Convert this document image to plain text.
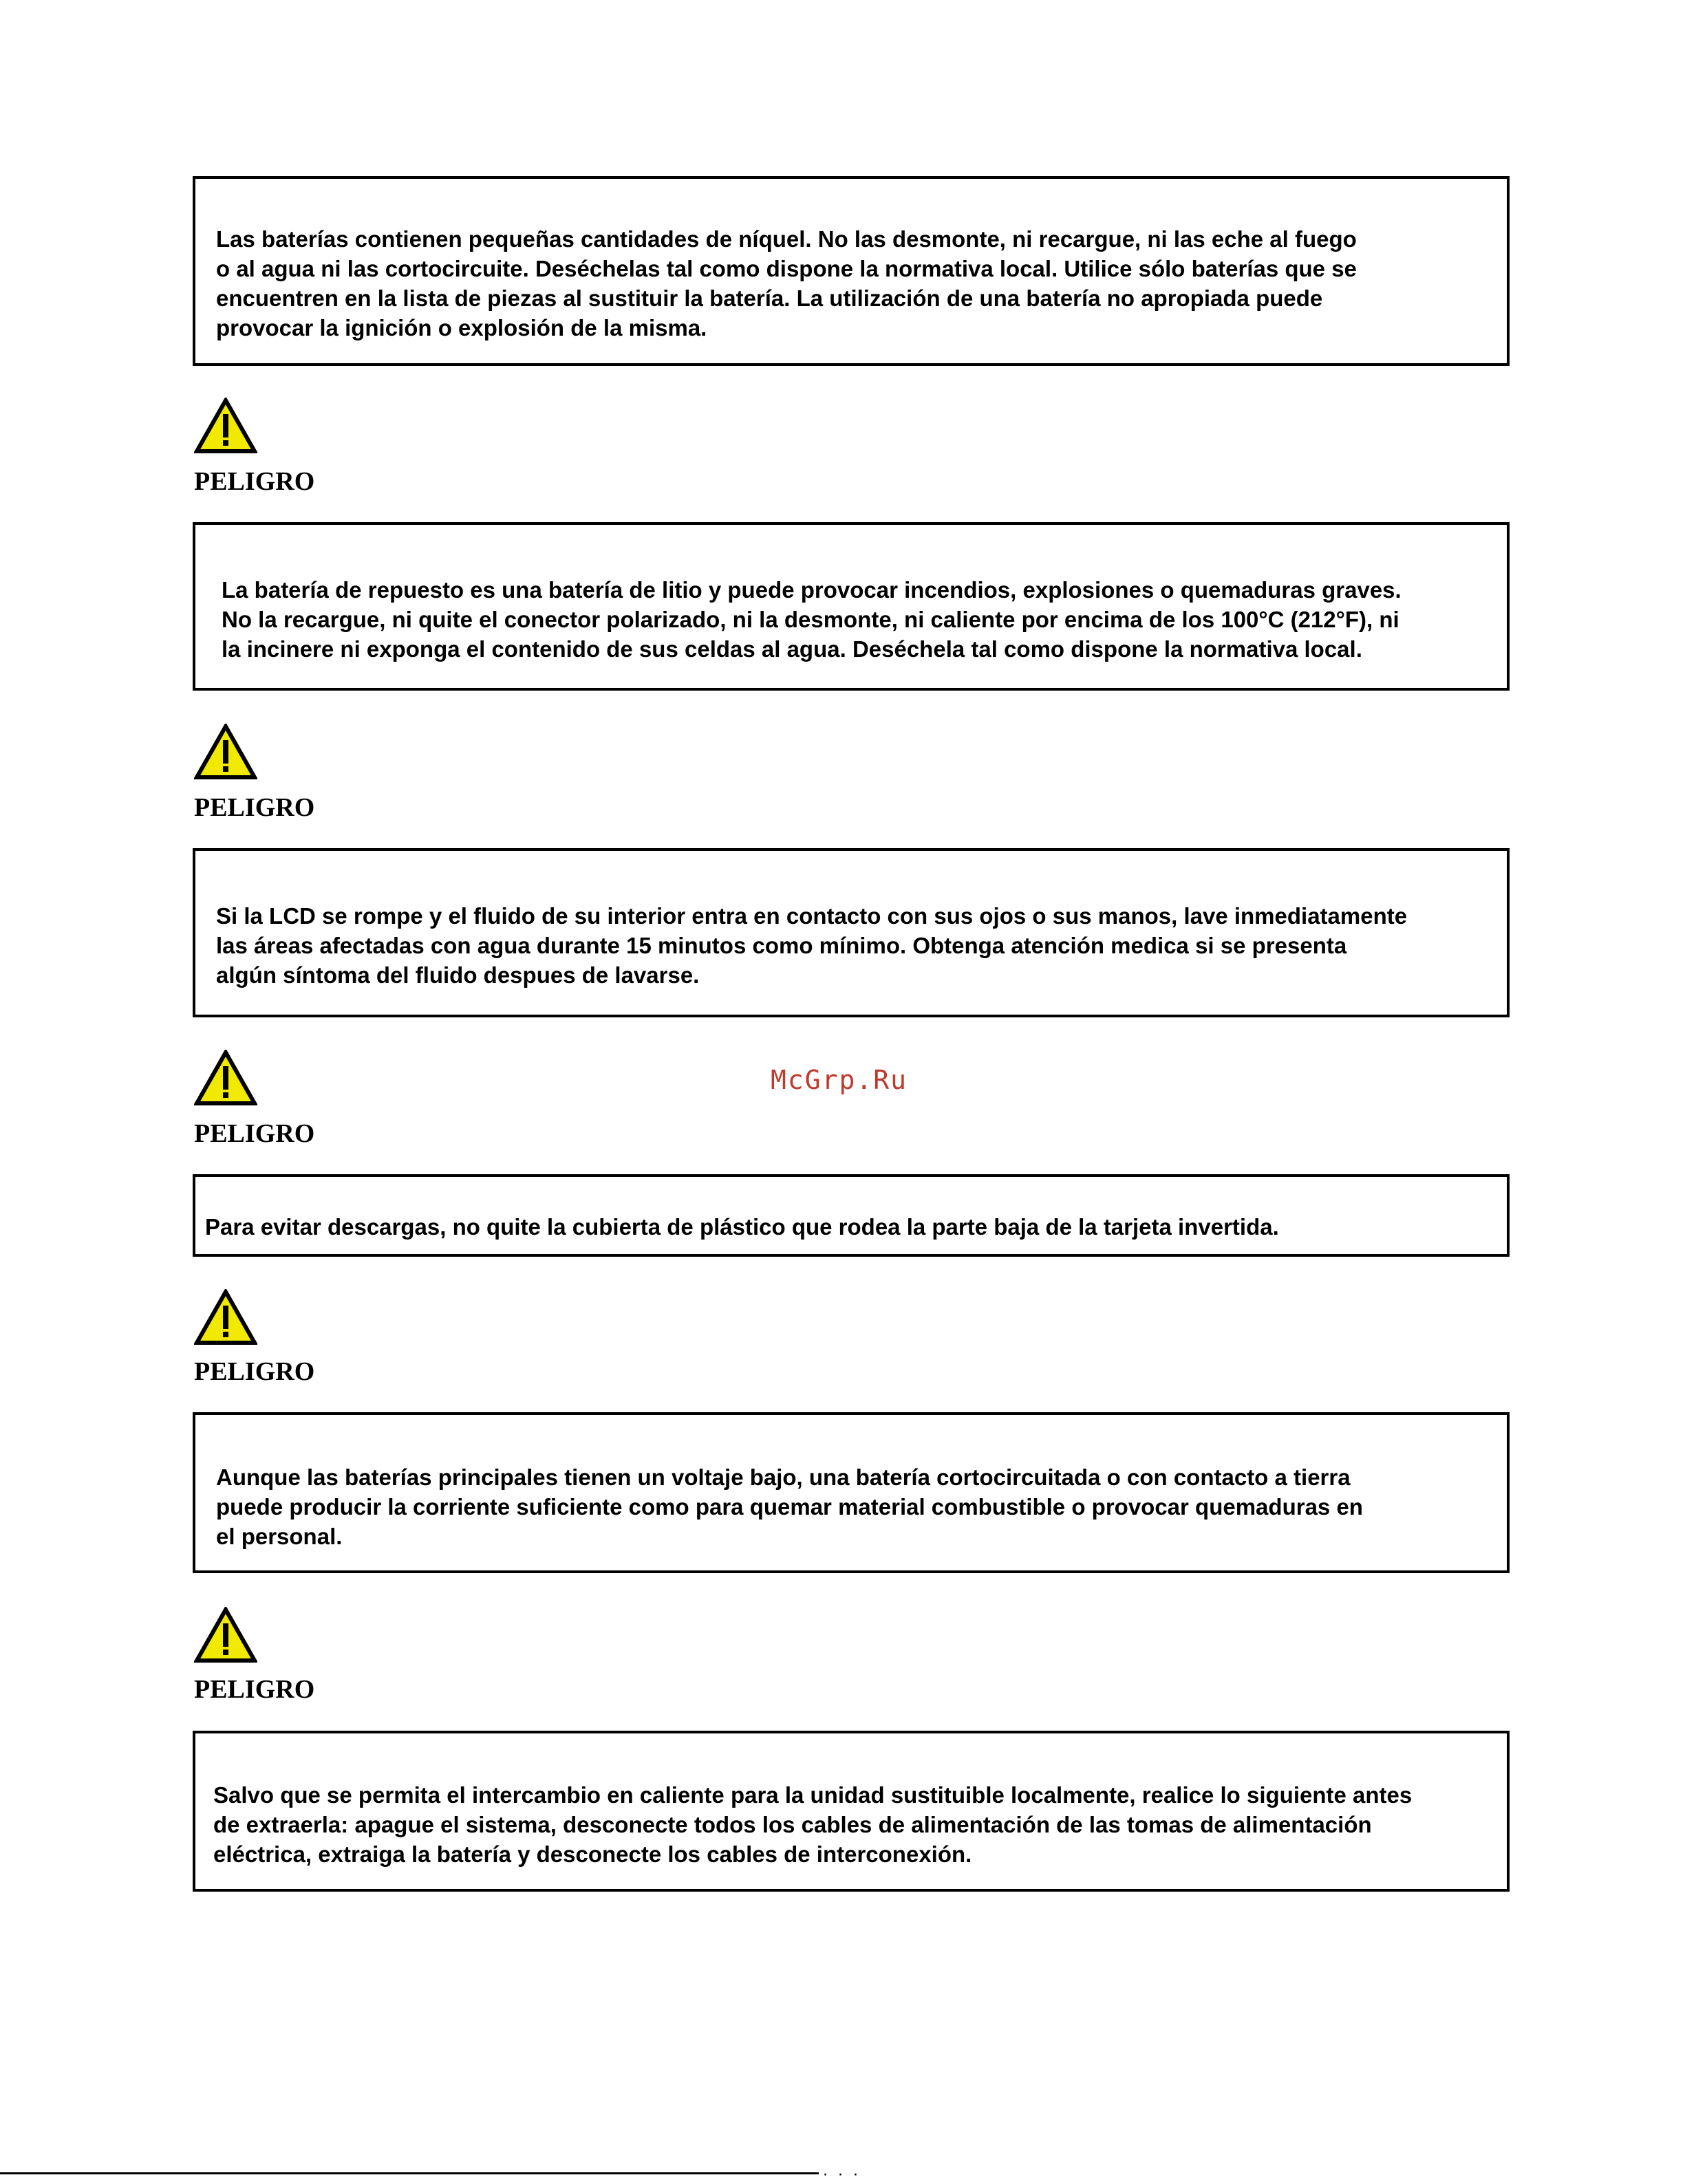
Las baterías contienen pequeñas cantidades de níquel. No las desmonte, ni recargue, ni las eche al fuego
o al agua ni las cortocircuite. Deséchelas tal como dispone la normativa local. Utilice sólo baterías que se
encuentren en la lista de piezas al sustituir la batería. La utilización de una batería no apropiada puede
provocar la ignición o explosión de la misma.

PELIGRO

La batería de repuesto es una batería de litio y puede provocar incendios, explosiones o quemaduras graves.
No la recargue, ni quite el conector polarizado, ni la desmonte, ni caliente por encima de los 100°C (212°F), ni
la incinere ni exponga el contenido de sus celdas al agua. Deséchela tal como dispone la normativa local.

PELIGRO

Si la LCD se rompe y el fluido de su interior entra en contacto con sus ojos o sus manos, lave inmediatamente
las áreas afectadas con agua durante 15 minutos como mínimo. Obtenga atención medica si se presenta
algún síntoma del fluido despues de lavarse.

McGrp.Ru

PELIGRO

Para evitar descargas, no quite la cubierta de plástico que rodea la parte baja de la tarjeta invertida.

PELIGRO

Aunque las baterías principales tienen un voltaje bajo, una batería cortocircuitada o con contacto a tierra
puede producir la corriente suficiente como para quemar material combustible o provocar quemaduras en
el personal.

PELIGRO

Salvo que se permita el intercambio en caliente para la unidad sustituible localmente, realice lo siguiente antes
de extraerla: apague el sistema, desconecte todos los cables de alimentación de las tomas de alimentación
eléctrica, extraiga la batería y desconecte los cables de interconexión.

· · ·
